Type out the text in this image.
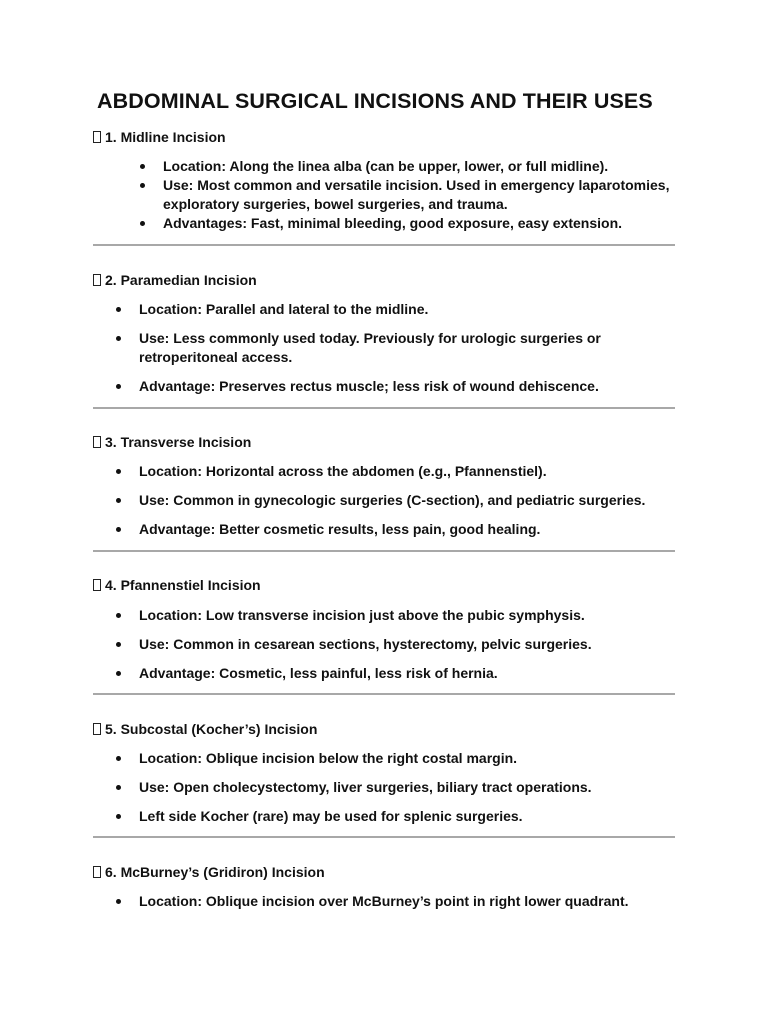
ABDOMINAL SURGICAL INCISIONS AND THEIR USES
1. Midline Incision
Location: Along the linea alba (can be upper, lower, or full midline).
Use: Most common and versatile incision. Used in emergency laparotomies, exploratory surgeries, bowel surgeries, and trauma.
Advantages: Fast, minimal bleeding, good exposure, easy extension.
2. Paramedian Incision
Location: Parallel and lateral to the midline.
Use: Less commonly used today. Previously for urologic surgeries or retroperitoneal access.
Advantage: Preserves rectus muscle; less risk of wound dehiscence.
3. Transverse Incision
Location: Horizontal across the abdomen (e.g., Pfannenstiel).
Use: Common in gynecologic surgeries (C-section), and pediatric surgeries.
Advantage: Better cosmetic results, less pain, good healing.
4. Pfannenstiel Incision
Location: Low transverse incision just above the pubic symphysis.
Use: Common in cesarean sections, hysterectomy, pelvic surgeries.
Advantage: Cosmetic, less painful, less risk of hernia.
5. Subcostal (Kocher’s) Incision
Location: Oblique incision below the right costal margin.
Use: Open cholecystectomy, liver surgeries, biliary tract operations.
Left side Kocher (rare) may be used for splenic surgeries.
6. McBurney’s (Gridiron) Incision
Location: Oblique incision over McBurney’s point in right lower quadrant.
